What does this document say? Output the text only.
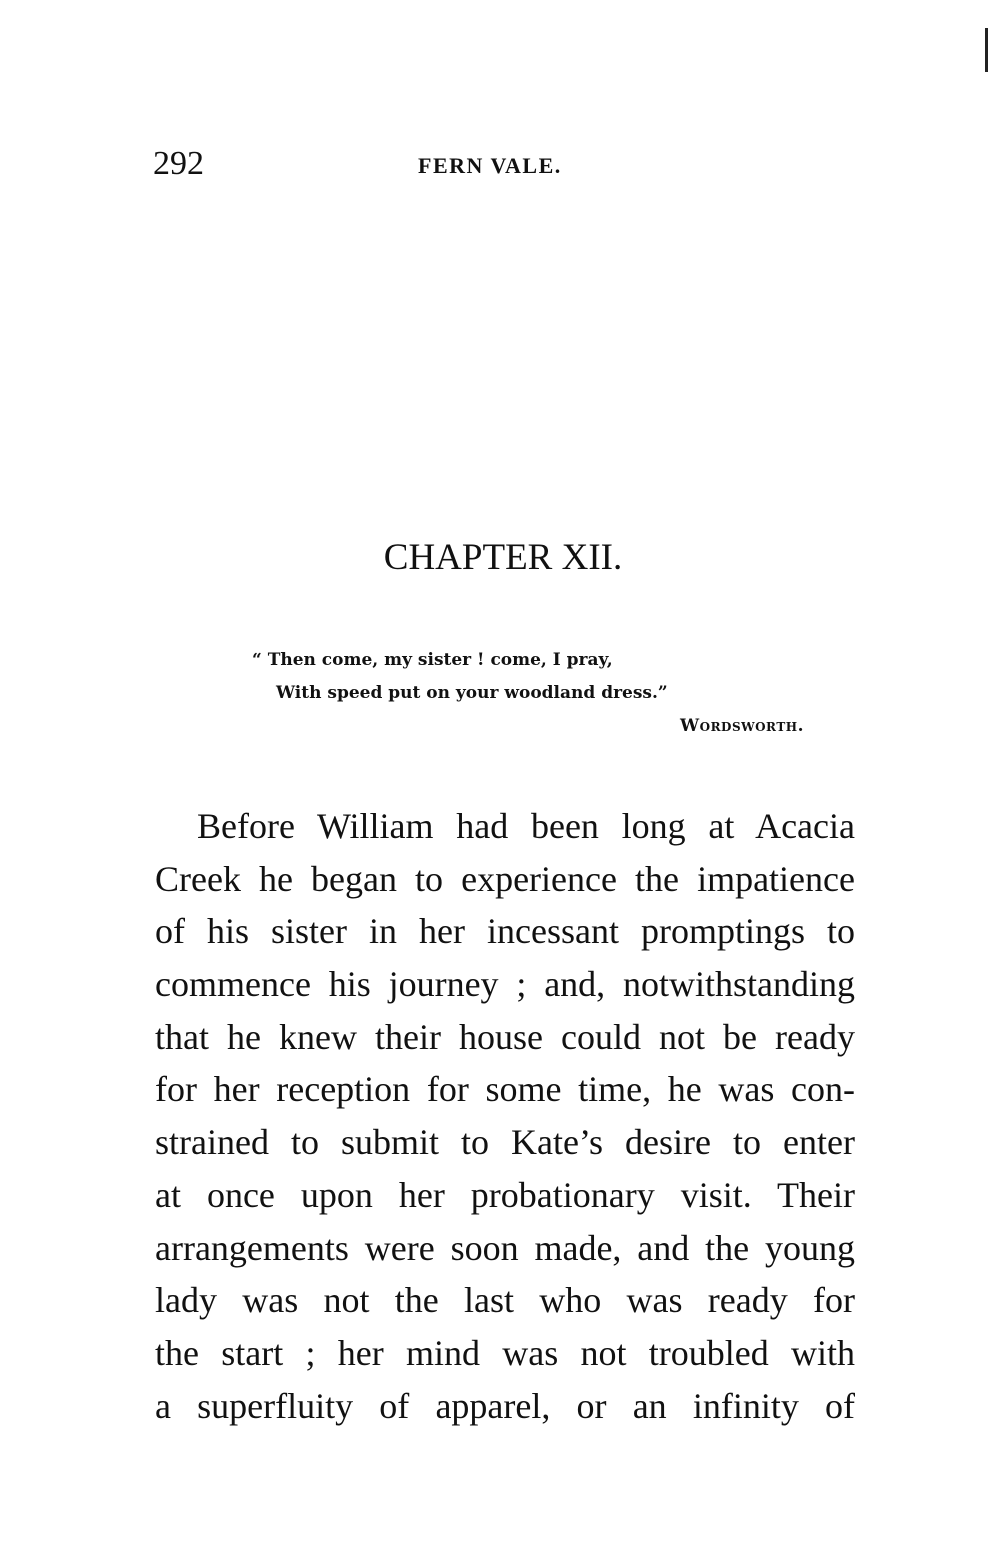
292	FERN VALE.
CHAPTER XII.
“ Then come, my sister ! come, I pray,
With speed put on your woodland dress.”
Wordsworth.
Before William had been long at Acacia
Creek he began to experience the impatience
of his sister in her incessant promptings to
commence his journey ; and, notwithstanding
that he knew their house could not be ready
for her reception for some time, he was con-
strained to submit to Kate’s desire to enter
at once upon her probationary visit. Their
arrangements were soon made, and the young
lady was not the last who was ready for
the start ; her mind was not troubled with
a superfluity of apparel, or an infinity of
